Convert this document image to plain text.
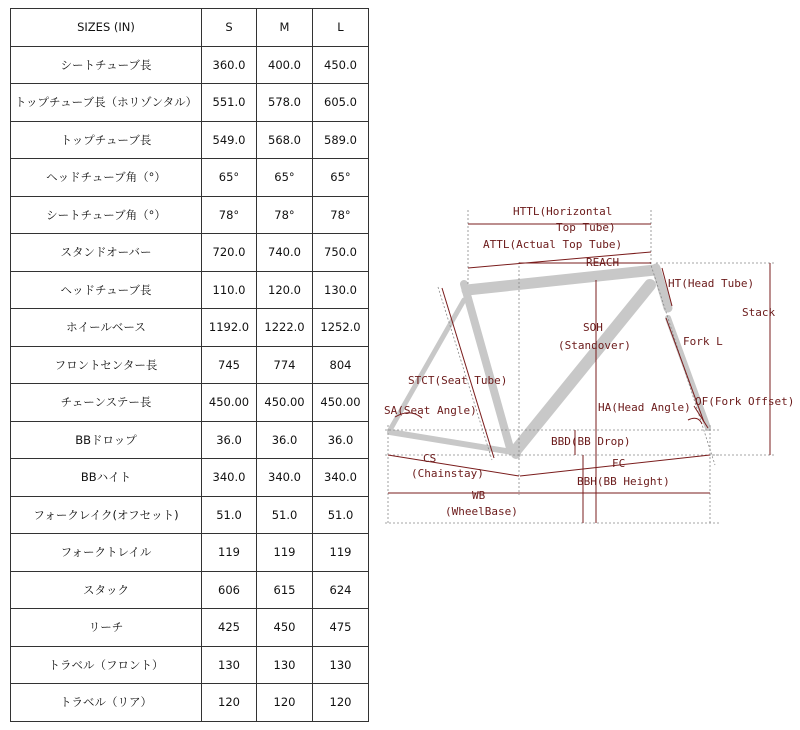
SIZES (IN)	S	M	L
シートチューブ長	360.0	400.0	450.0
トップチューブ長（ホリゾンタル）	551.0	578.0	605.0
トップチューブ長	549.0	568.0	589.0
ヘッドチューブ角（°）	65°	65°	65°
シートチューブ角（°）	78°	78°	78°
スタンドオーバー	720.0	740.0	750.0
ヘッドチューブ長	110.0	120.0	130.0
ホイールベース	1192.0	1222.0	1252.0
フロントセンター長	745	774	804
チェーンステー長	450.00	450.00	450.00
BBドロップ	36.0	36.0	36.0
BBハイト	340.0	340.0	340.0
フォークレイク(オフセット)	51.0	51.0	51.0
フォークトレイル	119	119	119
スタック	606	615	624
リーチ	425	450	475
トラベル（フロント）	130	130	130
トラベル（リア）	120	120	120
HTTL(Horizontal
Top Tube)
ATTL(Actual Top Tube)
REACH
HT(Head Tube)
Stack
SOH
(Standover)	Fork L
STCT(Seat Tube)
SA(Seat Angle)	HA(Head Angle) OF(Fork Offset)
BBD(BB Drop)
FC
CS
(Chainstay)
BBH(BB Height)
WB
(WheelBase)
